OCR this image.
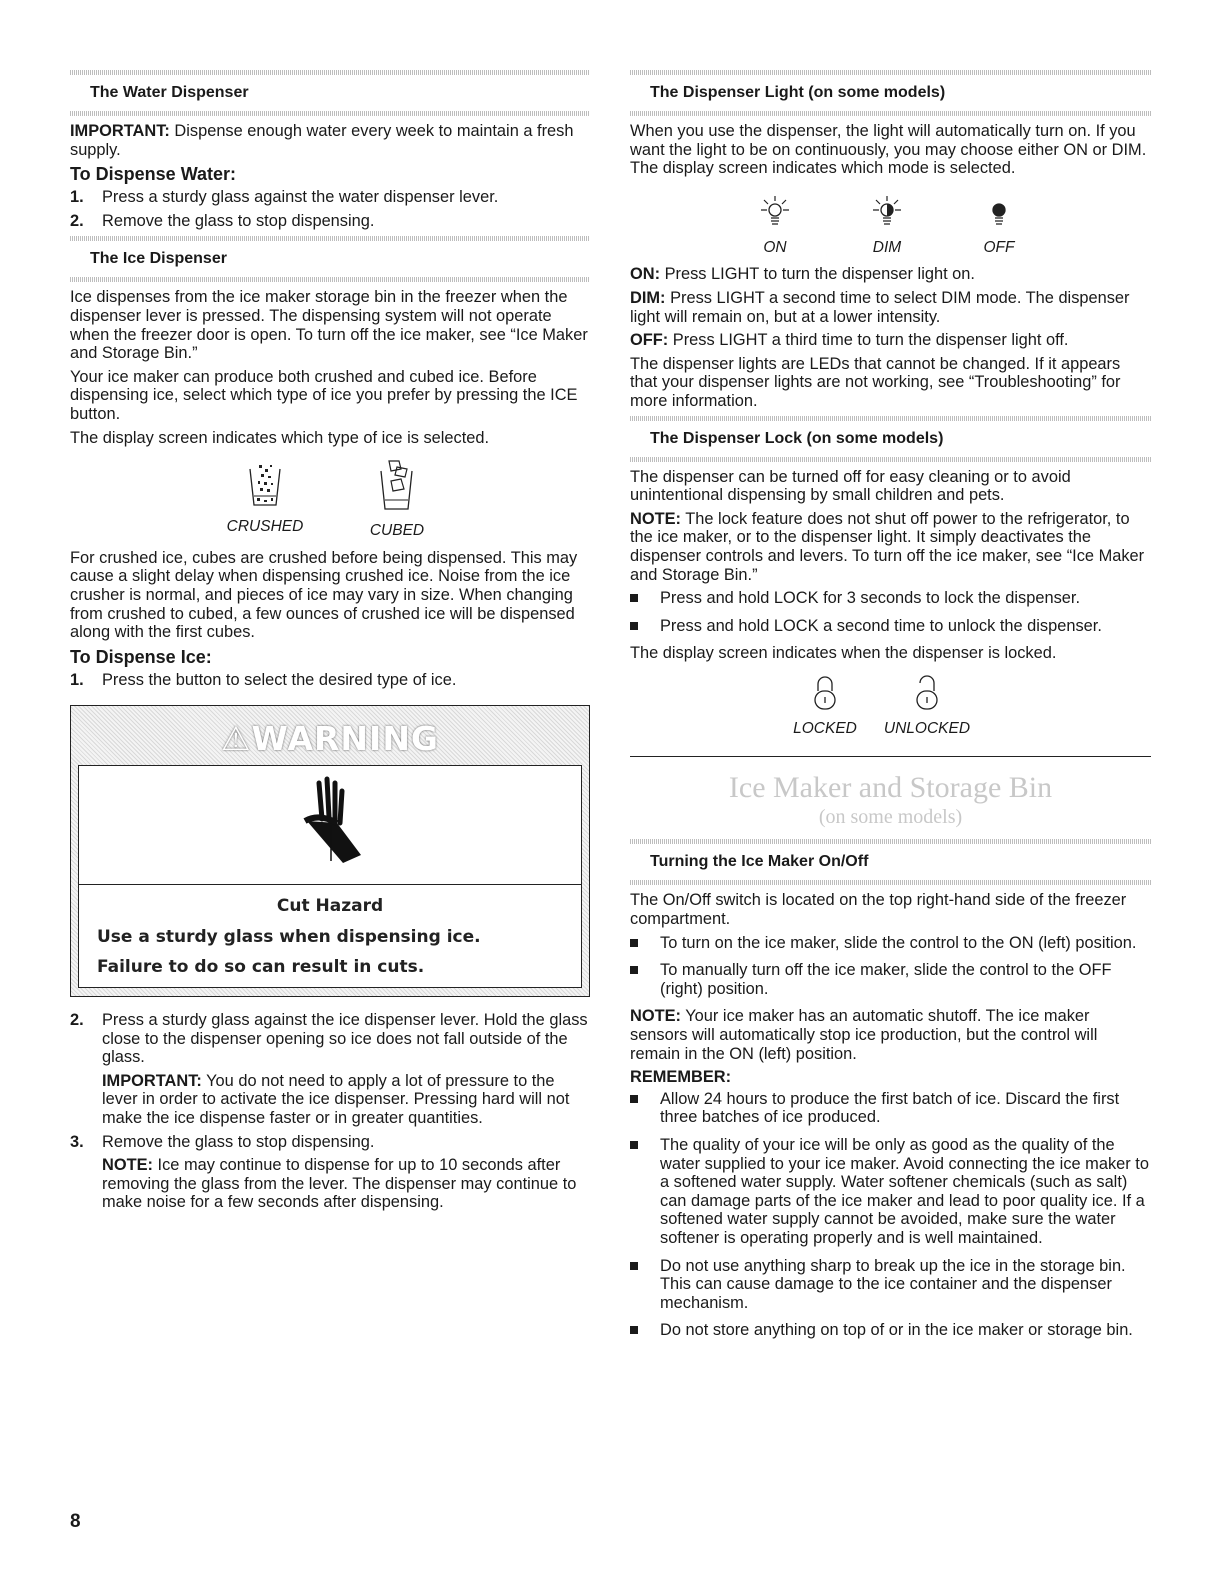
The Water Dispenser

IMPORTANT: Dispense enough water every week to maintain a fresh supply.

To Dispense Water:
1. Press a sturdy glass against the water dispenser lever.
2. Remove the glass to stop dispensing.
The Ice Dispenser

Ice dispenses from the ice maker storage bin in the freezer when the dispenser lever is pressed. The dispensing system will not operate when the freezer door is open. To turn off the ice maker, see “Ice Maker and Storage Bin.”

Your ice maker can produce both crushed and cubed ice. Before dispensing ice, select which type of ice you prefer by pressing the ICE button.

The display screen indicates which type of ice is selected.

CRUSHED	CUBED

For crushed ice, cubes are crushed before being dispensed. This may cause a slight delay when dispensing crushed ice. Noise from the ice crusher is normal, and pieces of ice may vary in size. When changing from crushed to cubed, a few ounces of crushed ice will be dispensed along with the first cubes.

To Dispense Ice:
1. Press the button to select the desired type of ice.
⚠WARNING
Cut Hazard
Use a sturdy glass when dispensing ice.
Failure to do so can result in cuts.
2. Press a sturdy glass against the ice dispenser lever. Hold the glass close to the dispenser opening so ice does not fall outside of the glass.

IMPORTANT: You do not need to apply a lot of pressure to the lever in order to activate the ice dispenser. Pressing hard will not make the ice dispense faster or in greater quantities.

3. Remove the glass to stop dispensing.

NOTE: Ice may continue to dispense for up to 10 seconds after removing the glass from the lever. The dispenser may continue to make noise for a few seconds after dispensing.

The Dispenser Light (on some models)

When you use the dispenser, the light will automatically turn on. If you want the light to be on continuously, you may choose either ON or DIM. The display screen indicates which mode is selected.

ON	DIM	OFF

ON: Press LIGHT to turn the dispenser light on.

DIM: Press LIGHT a second time to select DIM mode. The dispenser light will remain on, but at a lower intensity.

OFF: Press LIGHT a third time to turn the dispenser light off.

The dispenser lights are LEDs that cannot be changed. If it appears that your dispenser lights are not working, see “Troubleshooting” for more information.

The Dispenser Lock (on some models)

The dispenser can be turned off for easy cleaning or to avoid unintentional dispensing by small children and pets.

NOTE: The lock feature does not shut off power to the refrigerator, to the ice maker, or to the dispenser light. It simply deactivates the dispenser controls and levers. To turn off the ice maker, see “Ice Maker and Storage Bin.”

Press and hold LOCK for 3 seconds to lock the dispenser.
Press and hold LOCK a second time to unlock the dispenser.

The display screen indicates when the dispenser is locked.

LOCKED UNLOCKED
Ice Maker and Storage Bin
(on some models)
Turning the Ice Maker On/Off

The On/Off switch is located on the top right-hand side of the freezer compartment.

To turn on the ice maker, slide the control to the ON (left) position.
To manually turn off the ice maker, slide the control to the OFF (right) position.

NOTE: Your ice maker has an automatic shutoff. The ice maker sensors will automatically stop ice production, but the control will remain in the ON (left) position.

REMEMBER:
Allow 24 hours to produce the first batch of ice. Discard the first three batches of ice produced.
The quality of your ice will be only as good as the quality of the water supplied to your ice maker. Avoid connecting the ice maker to a softened water supply. Water softener chemicals (such as salt) can damage parts of the ice maker and lead to poor quality ice. If a softened water supply cannot be avoided, make sure the water softener is operating properly and is well maintained.
Do not use anything sharp to break up the ice in the storage bin. This can cause damage to the ice container and the dispenser mechanism.
Do not store anything on top of or in the ice maker or storage bin.
8
